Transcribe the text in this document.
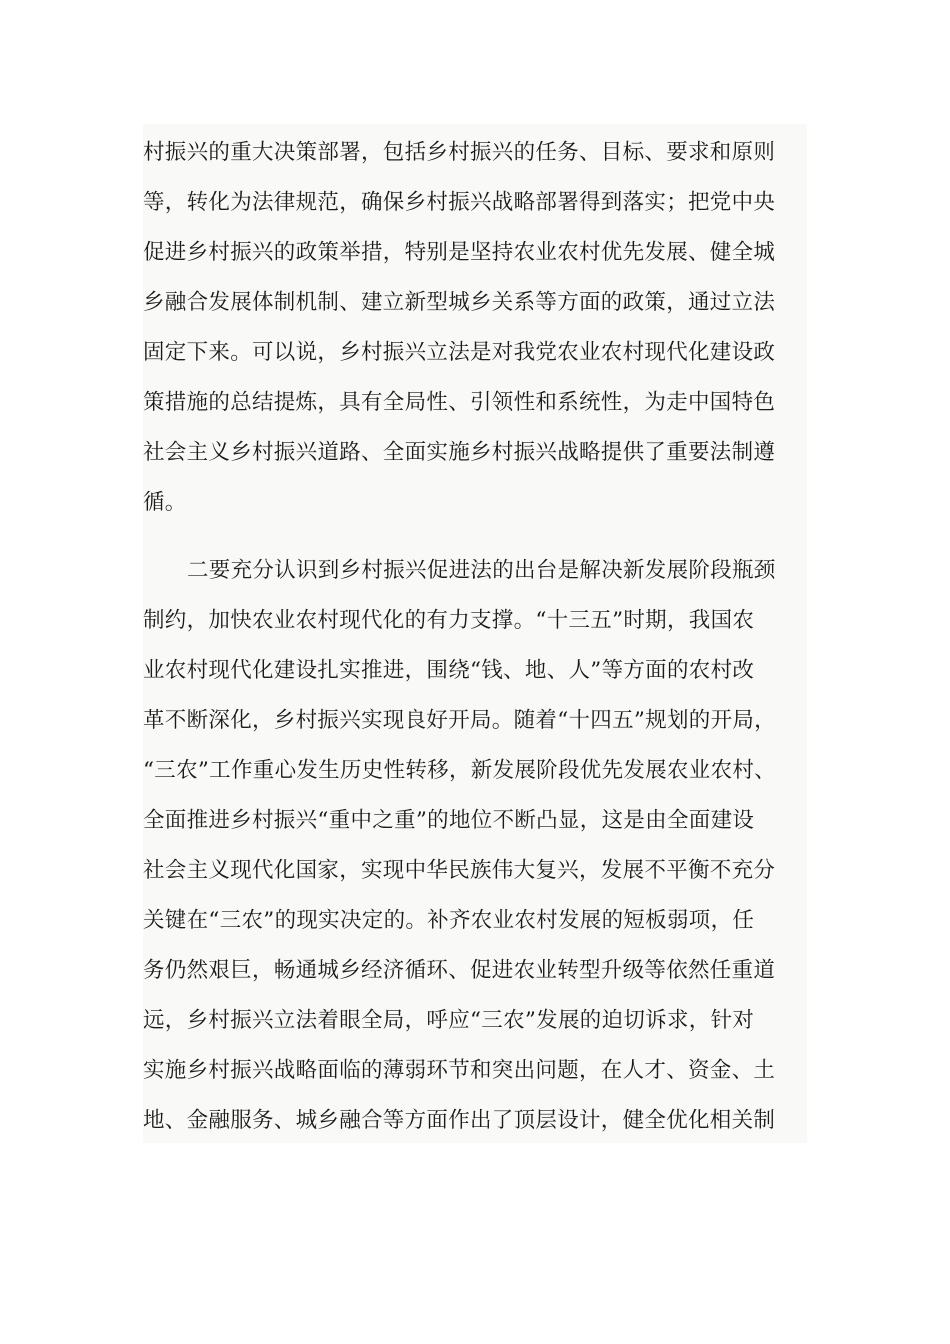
村振兴的重大决策部署，包括乡村振兴的任务、目标、要求和原则
等，转化为法律规范，确保乡村振兴战略部署得到落实；把党中央
促进乡村振兴的政策举措，特别是坚持农业农村优先发展、健全城
乡融合发展体制机制、建立新型城乡关系等方面的政策，通过立法
固定下来。可以说，乡村振兴立法是对我党农业农村现代化建设政
策措施的总结提炼，具有全局性、引领性和系统性，为走中国特色
社会主义乡村振兴道路、全面实施乡村振兴战略提供了重要法制遵
循。
二要充分认识到乡村振兴促进法的出台是解决新发展阶段瓶颈
制约，加快农业农村现代化的有力支撑。“十三五”时期，我国农
业农村现代化建设扎实推进，围绕“钱、地、人”等方面的农村改
革不断深化，乡村振兴实现良好开局。随着“十四五”规划的开局，
“三农”工作重心发生历史性转移，新发展阶段优先发展农业农村、
全面推进乡村振兴“重中之重”的地位不断凸显，这是由全面建设
社会主义现代化国家，实现中华民族伟大复兴，发展不平衡不充分
关键在“三农”的现实决定的。补齐农业农村发展的短板弱项，任
务仍然艰巨，畅通城乡经济循环、促进农业转型升级等依然任重道
远，乡村振兴立法着眼全局，呼应“三农”发展的迫切诉求，针对
实施乡村振兴战略面临的薄弱环节和突出问题，在人才、资金、土
地、金融服务、城乡融合等方面作出了顶层设计，健全优化相关制
